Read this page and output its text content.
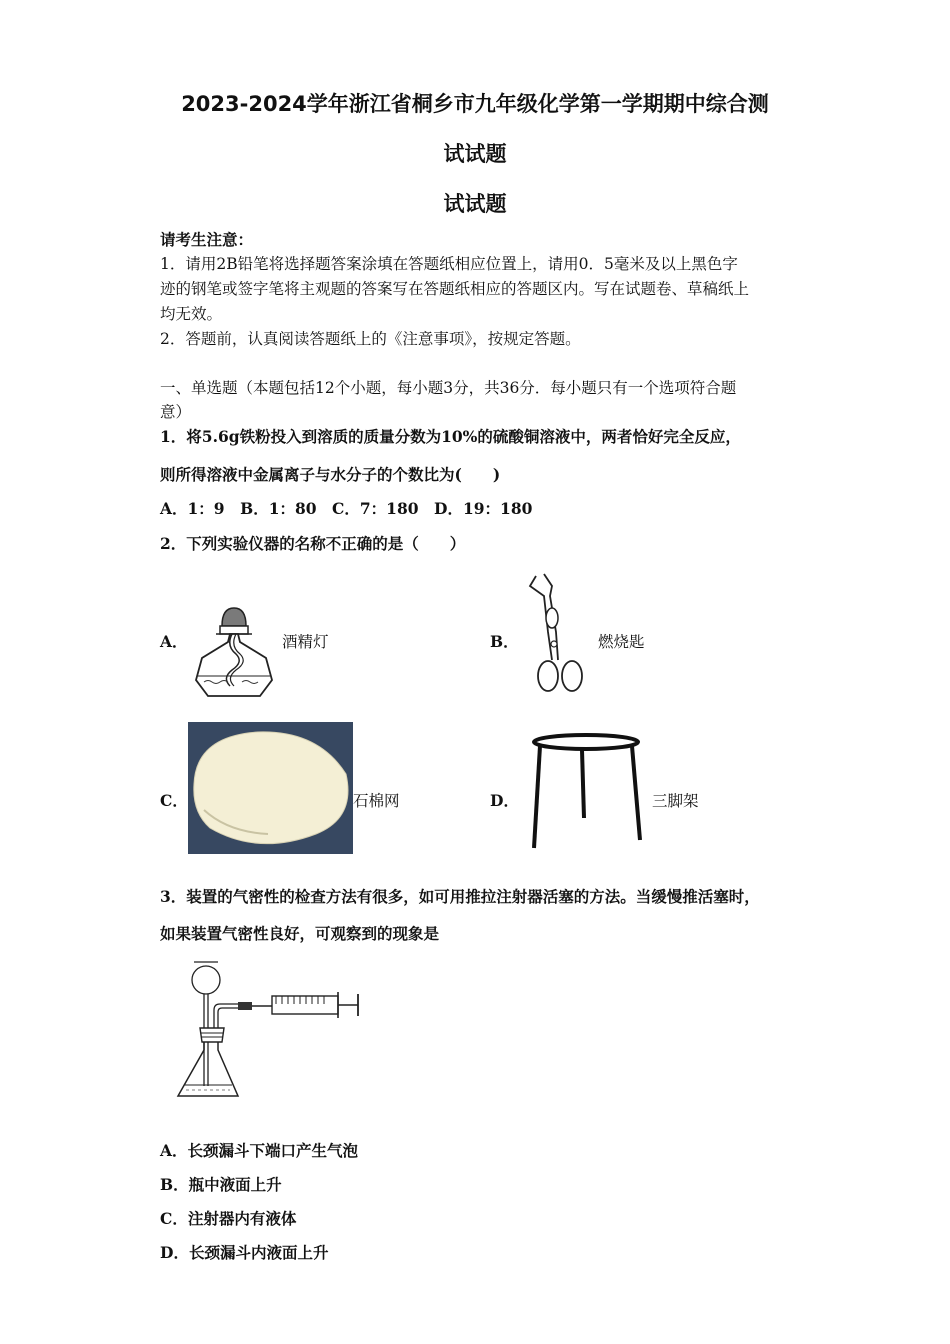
2023-2024学年浙江省桐乡市九年级化学第一学期期中综合测
试试题
试试题
请考生注意：
1．请用2B铅笔将选择题答案涂填在答题纸相应位置上，请用0．5毫米及以上黑色字
迹的钢笔或签字笔将主观题的答案写在答题纸相应的答题区内。写在试题卷、草稿纸上
均无效。
2．答题前，认真阅读答题纸上的《注意事项》，按规定答题。
一、单选题（本题包括12个小题，每小题3分，共36分．每小题只有一个选项符合题
意）
1．将5.6g铁粉投入到溶质的质量分数为10%的硫酸铜溶液中，两者恰好完全反应，
则所得溶液中金属离子与水分子的个数比为(　　)
A．1：9　B．1：80　C．7：180　D．19：180
2．下列实验仪器的名称不正确的是（　　）
A．	酒精灯	B．	燃烧匙
C．	石棉网	D．	三脚架
3．装置的气密性的检查方法有很多，如可用推拉注射器活塞的方法。当缓慢推活塞时，
如果装置气密性良好，可观察到的现象是
A．长颈漏斗下端口产生气泡
B．瓶中液面上升
C．注射器内有液体
D．长颈漏斗内液面上升
